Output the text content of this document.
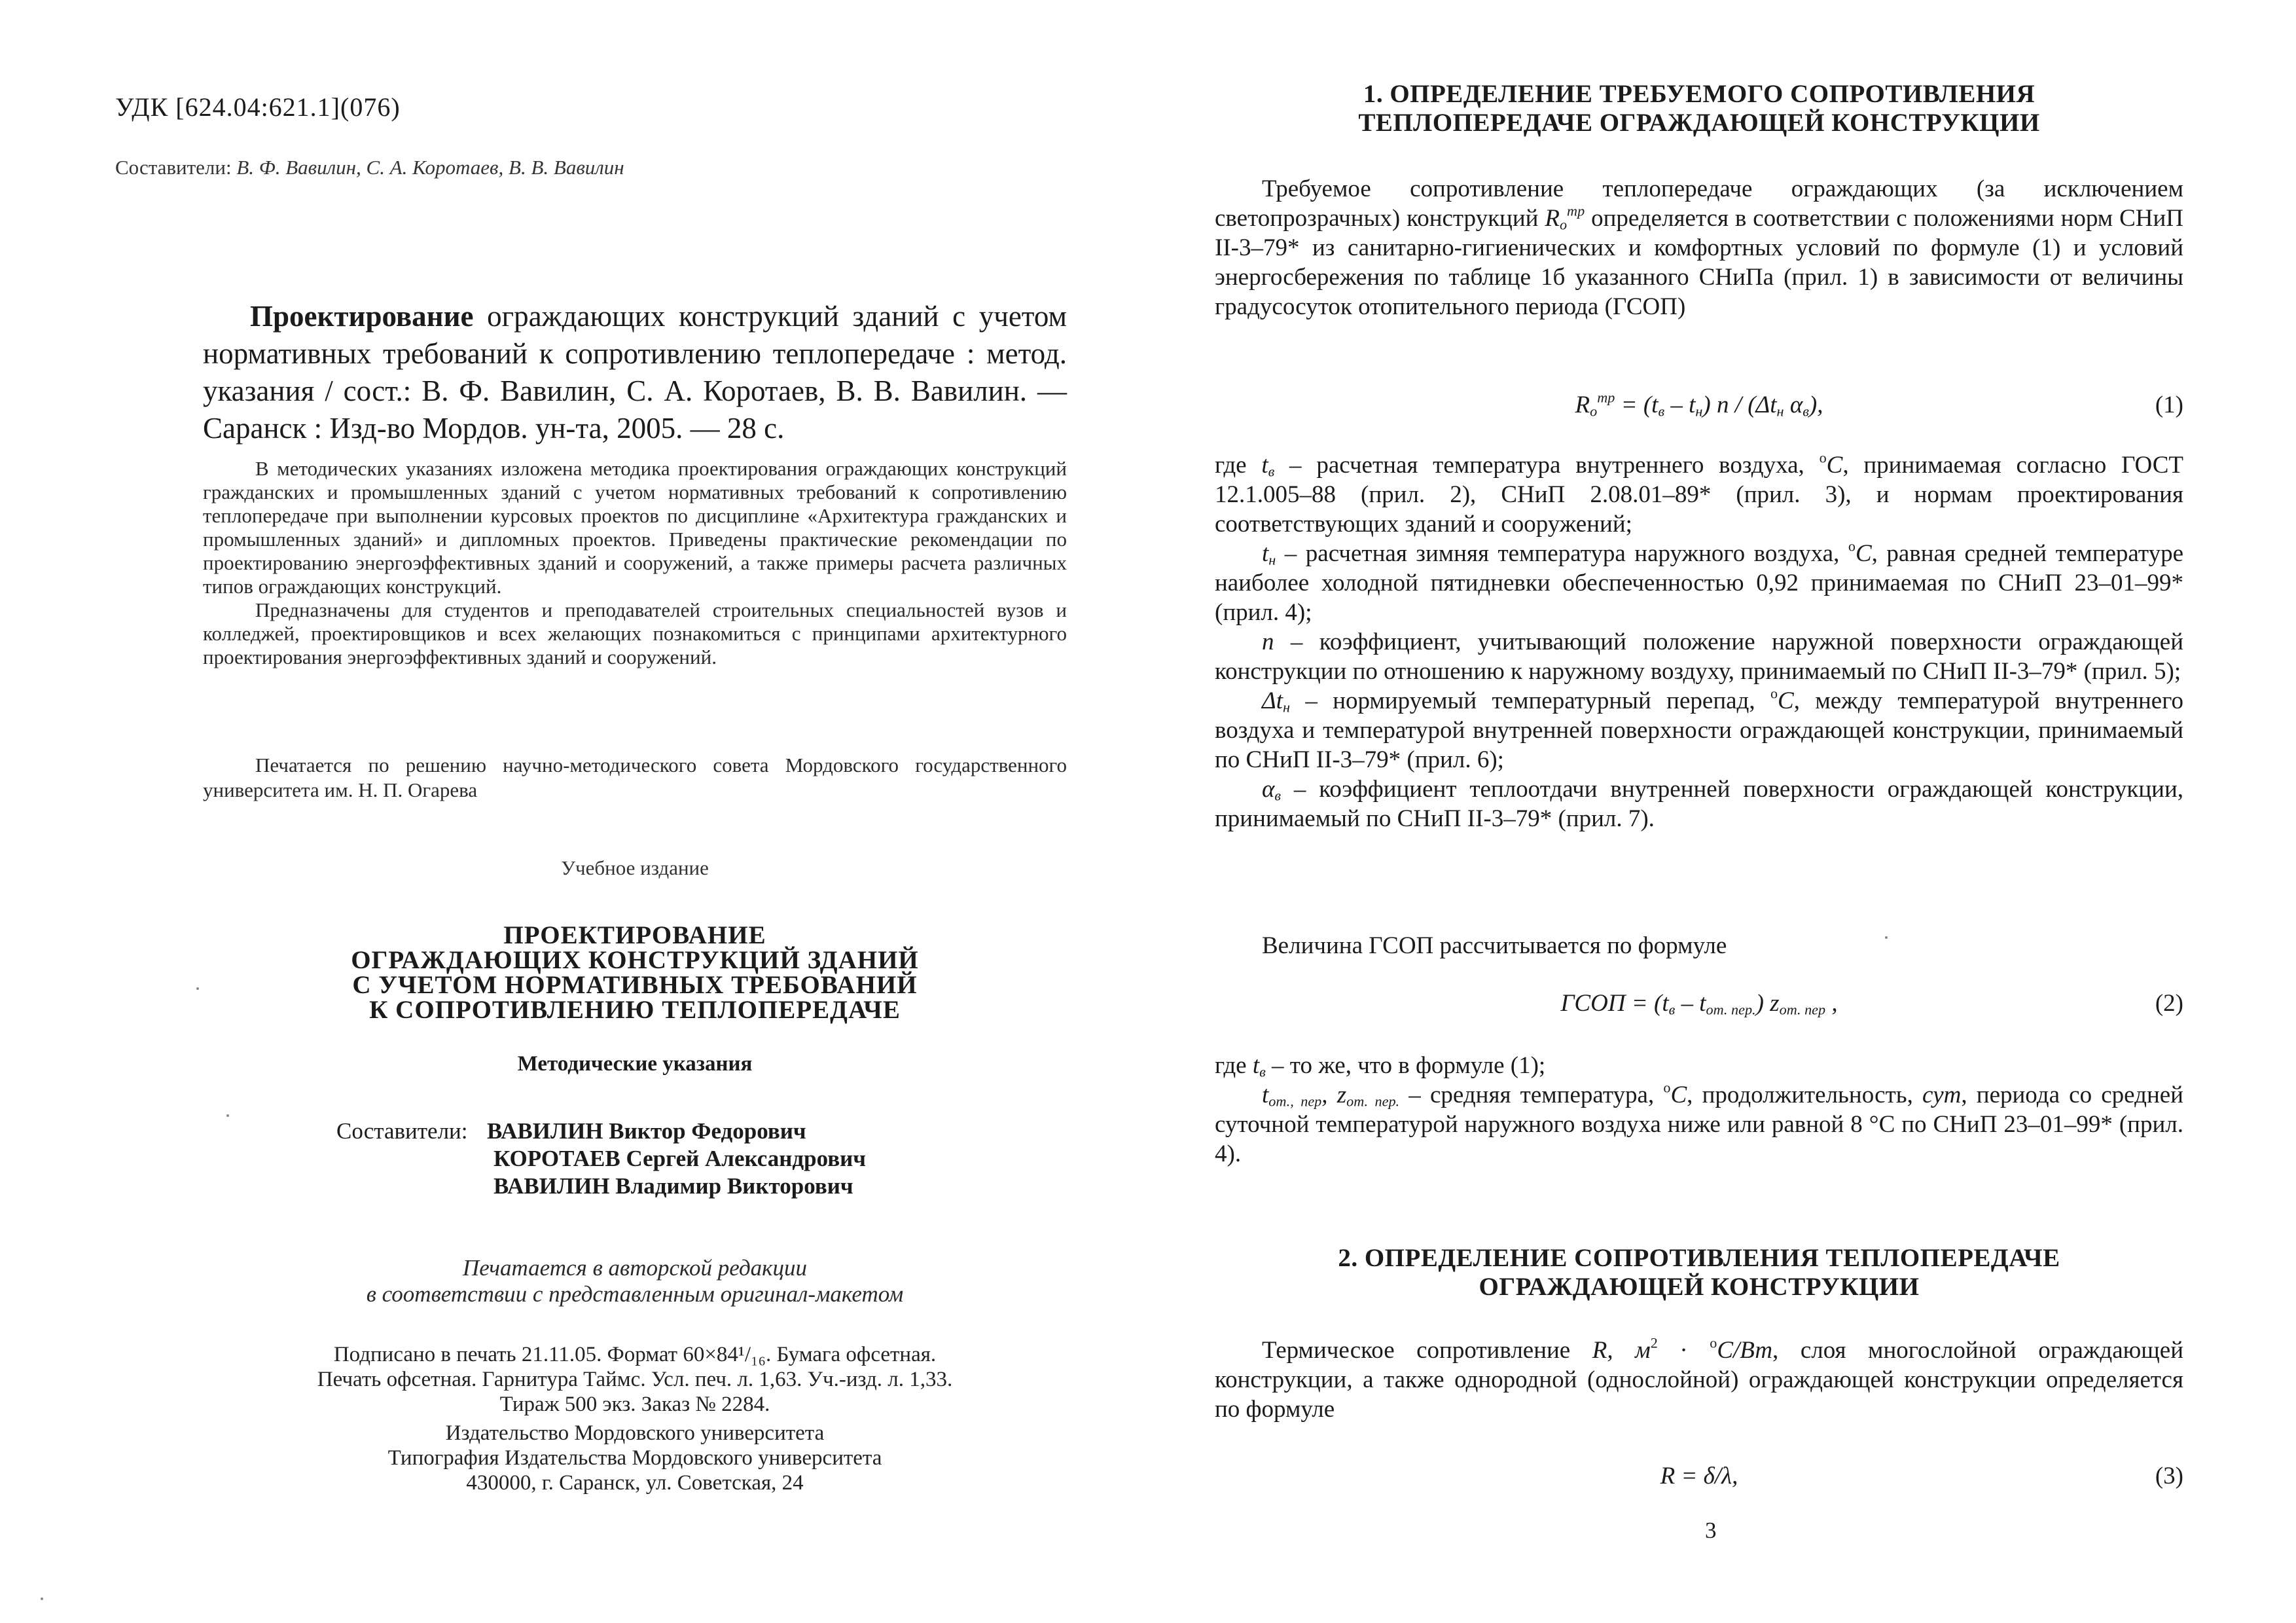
УДК [624.04:621.1](076)
Составители: В. Ф. Вавилин, С. А. Коротаев, В. В. Вавилин
Проектирование ограждающих конструкций зданий с учетом нормативных требований к сопротивлению теплопередаче : метод. указания / сост.: В. Ф. Вавилин, С. А. Коротаев, В. В. Вавилин. — Саранск : Изд-во Мордов. ун-та, 2005. — 28 с.

В методических указаниях изложена методика проектирования ограждающих конструкций гражданских и промышленных зданий с учетом нормативных требований к сопротивлению теплопередаче при выполнении курсовых проектов по дисциплине «Архитектура гражданских и промышленных зданий» и дипломных проектов. Приведены практические рекомендации по проектированию энергоэффективных зданий и сооружений, а также примеры расчета различных типов ограждающих конструкций.

Предназначены для студентов и преподавателей строительных специальностей вузов и колледжей, проектировщиков и всех желающих познакомиться с принципами архитектурного проектирования энергоэффективных зданий и сооружений.

Печатается по решению научно-методического совета Мордовского государственного университета им. Н. П. Огарева

Учебное издание
ПРОЕКТИРОВАНИЕ
ОГРАЖДАЮЩИХ КОНСТРУКЦИЙ ЗДАНИЙ
С УЧЕТОМ НОРМАТИВНЫХ ТРЕБОВАНИЙ
К СОПРОТИВЛЕНИЮ ТЕПЛОПЕРЕДАЧЕ
Методические указания
Составители: ВАВИЛИН Виктор Федорович
КОРОТАЕВ Сергей Александрович
ВАВИЛИН Владимир Викторович
Печатается в авторской редакции
в соответствии с представленным оригинал-макетом
Подписано в печать 21.11.05. Формат 60×84¹/₁₆. Бумага офсетная.
Печать офсетная. Гарнитура Таймс. Усл. печ. л. 1,63. Уч.-изд. л. 1,33.
Тираж 500 экз. Заказ № 2284.
Издательство Мордовского университета
Типография Издательства Мордовского университета
430000, г. Саранск, ул. Советская, 24
1. ОПРЕДЕЛЕНИЕ ТРЕБУЕМОГО СОПРОТИВЛЕНИЯ
ТЕПЛОПЕРЕДАЧЕ ОГРАЖДАЮЩЕЙ КОНСТРУКЦИИ

Требуемое сопротивление теплопередаче ограждающих (за исключением светопрозрачных) конструкций $R_o^{тр}$ определяется в соответствии с положениями норм СНиП II-3–79* из санитарно-гигиенических и комфортных условий по формуле (1) и условий энергосбережения по таблице 1б указанного СНиПа (прил. 1) в зависимости от величины градусосуток отопительного периода (ГСОП)

$R_o^{тр} = (t_в - t_н)$ n / ($\Delta t_н$ $\alpha_в$),	(1)

где $t_в$ – расчетная температура внутреннего воздуха, $^o$C, принимаемая согласно ГОСТ 12.1.005–88 (прил. 2), СНиП 2.08.01–89* (прил. 3), и нормам проектирования соответствующих зданий и сооружений;

$t_н$ – расчетная зимняя температура наружного воздуха, $^o$C, равная средней температуре наиболее холодной пятидневки обеспеченностью 0,92 принимаемая по СНиП 23–01–99* (прил. 4);

n – коэффициент, учитывающий положение наружной поверхности ограждающей конструкции по отношению к наружному воздуху, принимаемый по СНиП II-3–79* (прил. 5);

$\Delta t_н$ – нормируемый температурный перепад, $^o$C, между температурой внутреннего воздуха и температурой внутренней поверхности ограждающей конструкции, принимаемый по СНиП II-3–79* (прил. 6);

$\alpha_в$ – коэффициент теплоотдачи внутренней поверхности ограждающей конструкции, принимаемый по СНиП II-3–79* (прил. 7).

Величина ГСОП рассчитывается по формуле

ГСОП = $(t_в - t_{от. пер.})$ $z_{от. пер}$ ,	(2)

где $t_в$ – то же, что в формуле (1);

$t_{от., пер}$, $z_{от. пер.}$ – средняя температура, $^o$C, продолжительность, сут, периода со средней суточной температурой наружного воздуха ниже или равной 8 °С по СНиП 23–01–99* (прил. 4).

2. ОПРЕДЕЛЕНИЕ СОПРОТИВЛЕНИЯ ТЕПЛОПЕРЕДАЧЕ
ОГРАЖДАЮЩЕЙ КОНСТРУКЦИИ

Термическое сопротивление R, $м^2 \cdot ^oC/Вт$, слоя многослойной ограждающей конструкции, а также однородной (однослойной) ограждающей конструкции определяется по формуле

R = δ/λ,	(3)
3
